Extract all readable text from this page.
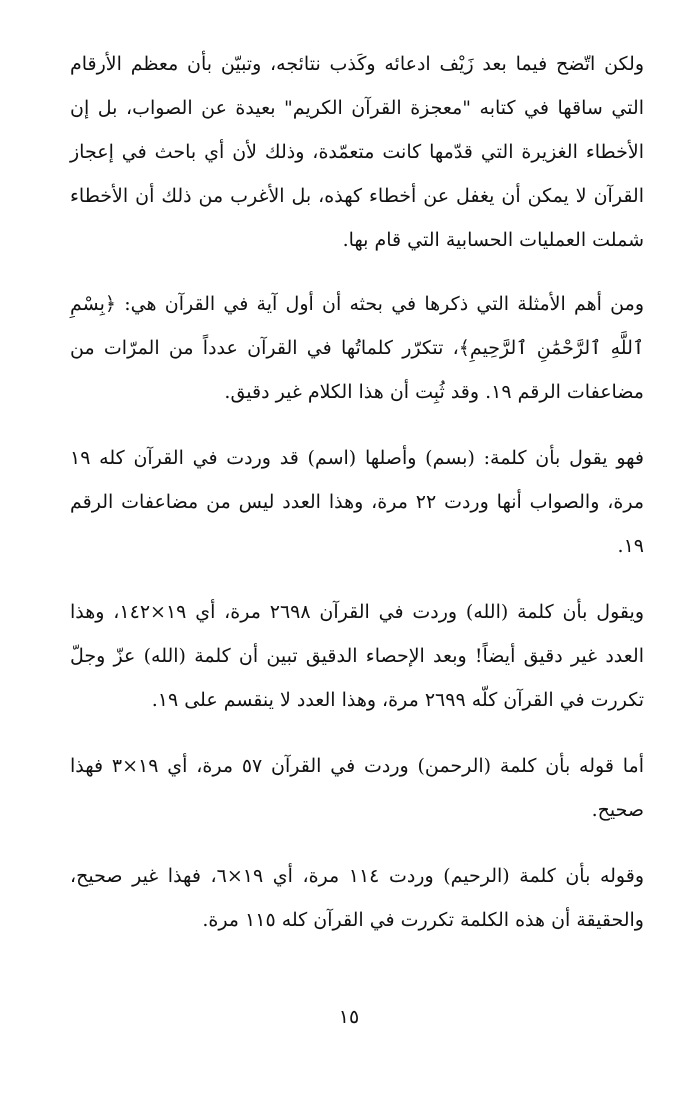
ولكن اتّضح فيما بعد زَيْف ادعائه وكَذب نتائجه، وتبيّن بأن معظم الأرقام التي ساقها في كتابه "معجزة القرآن الكريم" بعيدة عن الصواب، بل إن الأخطاء الغزيرة التي قدّمها كانت متعمّدة، وذلك لأن أي باحث في إعجاز القرآن لا يمكن أن يغفل عن أخطاء كهذه، بل الأغرب من ذلك أن الأخطاء شملت العمليات الحسابية التي قام بها.

ومن أهم الأمثلة التي ذكرها في بحثه أن أول آية في القرآن هي: ﴿بِسْمِ ٱللَّهِ ٱلرَّحْمَٰنِ ٱلرَّحِيمِ﴾، تتكرّر كلماتُها في القرآن عدداً من المرّات من مضاعفات الرقم ١٩. وقد ثُبِت أن هذا الكلام غير دقيق.

فهو يقول بأن كلمة: (بسم) وأصلها (اسم) قد وردت في القرآن كله ١٩ مرة، والصواب أنها وردت ٢٢ مرة، وهذا العدد ليس من مضاعفات الرقم ١٩.

ويقول بأن كلمة (الله) وردت في القرآن ٢٦٩٨ مرة، أي ١٩×١٤٢، وهذا العدد غير دقيق أيضاً! وبعد الإحصاء الدقيق تبين أن كلمة (الله) عزّ وجلّ تكررت في القرآن كلّه ٢٦٩٩ مرة، وهذا العدد لا ينقسم على ١٩.

أما قوله بأن كلمة (الرحمن) وردت في القرآن ٥٧ مرة، أي ١٩×٣ فهذا صحيح.

وقوله بأن كلمة (الرحيم) وردت ١١٤ مرة، أي ١٩×٦، فهذا غير صحيح، والحقيقة أن هذه الكلمة تكررت في القرآن كله ١١٥ مرة.

١٥
